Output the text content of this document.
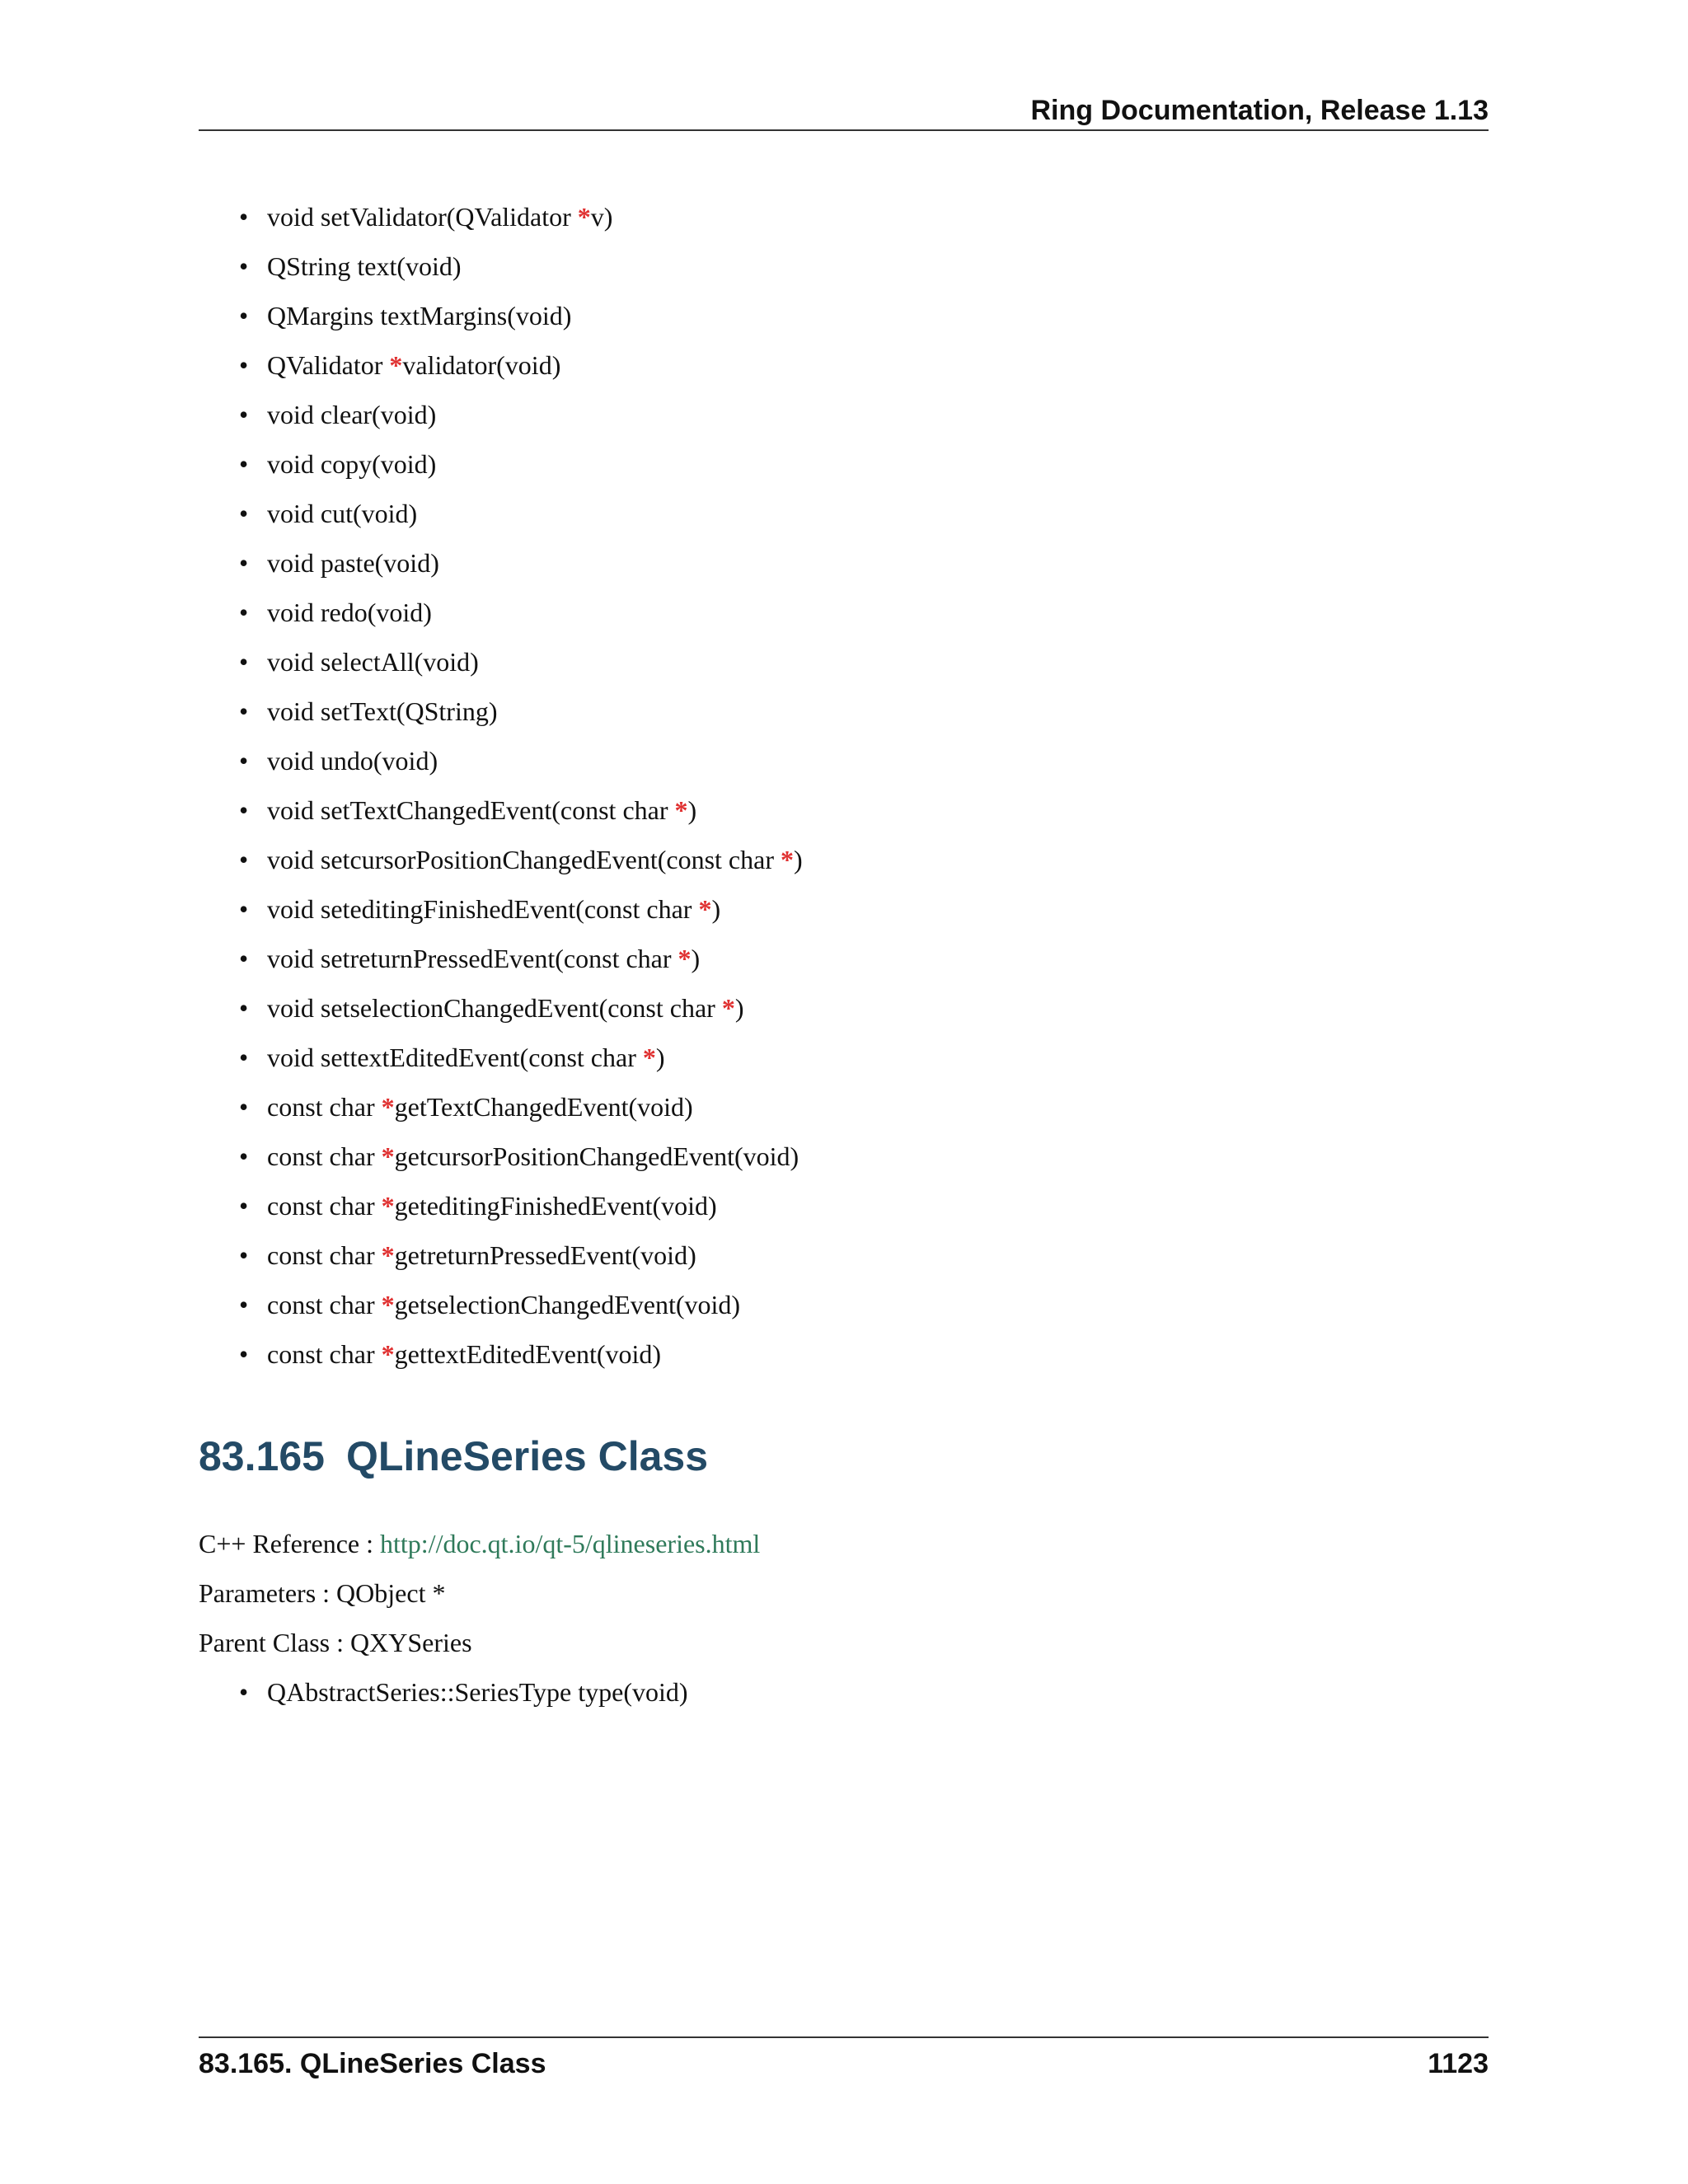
Ring Documentation, Release 1.13
• void setValidator(QValidator *v)
• QString text(void)
• QMargins textMargins(void)
• QValidator *validator(void)
• void clear(void)
• void copy(void)
• void cut(void)
• void paste(void)
• void redo(void)
• void selectAll(void)
• void setText(QString)
• void undo(void)
• void setTextChangedEvent(const char *)
• void setcursorPositionChangedEvent(const char *)
• void seteditingFinishedEvent(const char *)
• void setreturnPressedEvent(const char *)
• void setselectionChangedEvent(const char *)
• void settextEditedEvent(const char *)
• const char *getTextChangedEvent(void)
• const char *getcursorPositionChangedEvent(void)
• const char *geteditingFinishedEvent(void)
• const char *getreturnPressedEvent(void)
• const char *getselectionChangedEvent(void)
• const char *gettextEditedEvent(void)
83.165 QLineSeries Class
C++ Reference : http://doc.qt.io/qt-5/qlineseries.html
Parameters : QObject *
Parent Class : QXYSeries
• QAbstractSeries::SeriesType type(void)
83.165. QLineSeries Class	1123
